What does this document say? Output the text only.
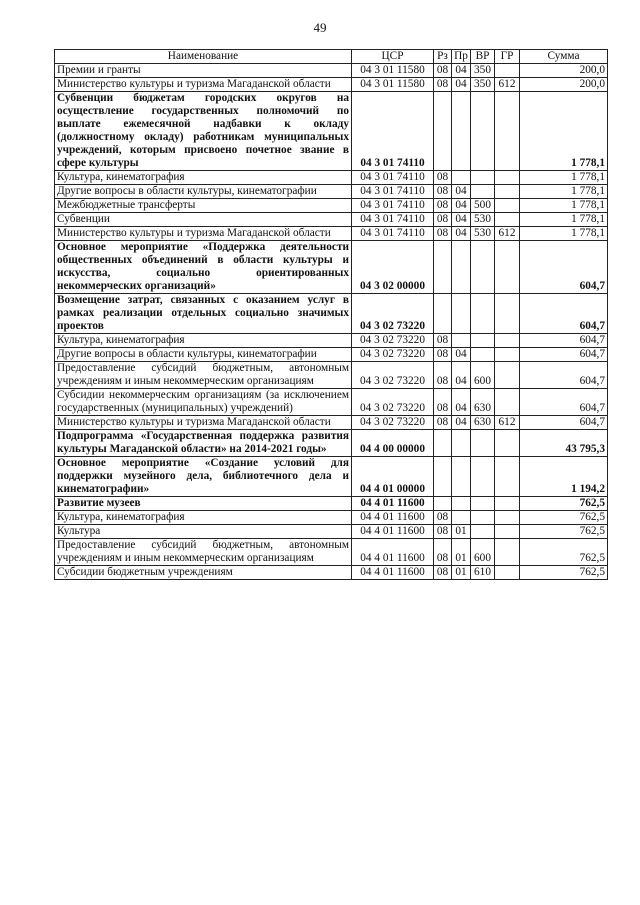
49
Наименование	ЦСР	Рз	Пр	ВР	ГР	Сумма
Премии и гранты	04 3 01 11580	08	04	350		200,0
Министерство культуры и туризма Магаданской области	04 3 01 11580	08	04	350	612	200,0
Субвенции бюджетам городских округов на осуществление государственных полномочий по выплате ежемесячной надбавки к окладу (должностному окладу) работникам муниципальных учреждений, которым присвоено почетное звание в сфере культуры	04 3 01 74110					1 778,1
Культура, кинематография	04 3 01 74110	08				1 778,1
Другие вопросы в области культуры, кинематографии	04 3 01 74110	08	04			1 778,1
Межбюджетные трансферты	04 3 01 74110	08	04	500		1 778,1
Субвенции	04 3 01 74110	08	04	530		1 778,1
Министерство культуры и туризма Магаданской области	04 3 01 74110	08	04	530	612	1 778,1
Основное мероприятие «Поддержка деятельности общественных объединений в области культуры и искусства, социально ориентированных некоммерческих организаций»	04 3 02 00000					604,7
Возмещение затрат, связанных с оказанием услуг в рамках реализации отдельных социально значимых проектов	04 3 02 73220					604,7
Культура, кинематография	04 3 02 73220	08				604,7
Другие вопросы в области культуры, кинематографии	04 3 02 73220	08	04			604,7
Предоставление субсидий бюджетным, автономным учреждениям и иным некоммерческим организациям	04 3 02 73220	08	04	600		604,7
Субсидии некоммерческим организациям (за исключением государственных (муниципальных) учреждений)	04 3 02 73220	08	04	630		604,7
Министерство культуры и туризма Магаданской области	04 3 02 73220	08	04	630	612	604,7
Подпрограмма «Государственная поддержка развития культуры Магаданской области» на 2014-2021 годы»	04 4 00 00000					43 795,3
Основное мероприятие «Создание условий для поддержки музейного дела, библиотечного дела и кинематографии»	04 4 01 00000					1 194,2
Развитие музеев	04 4 01 11600					762,5
Культура, кинематография	04 4 01 11600	08				762,5
Культура	04 4 01 11600	08	01			762,5
Предоставление субсидий бюджетным, автономным учреждениям и иным некоммерческим организациям	04 4 01 11600	08	01	600		762,5
Субсидии бюджетным учреждениям	04 4 01 11600	08	01	610		762,5
